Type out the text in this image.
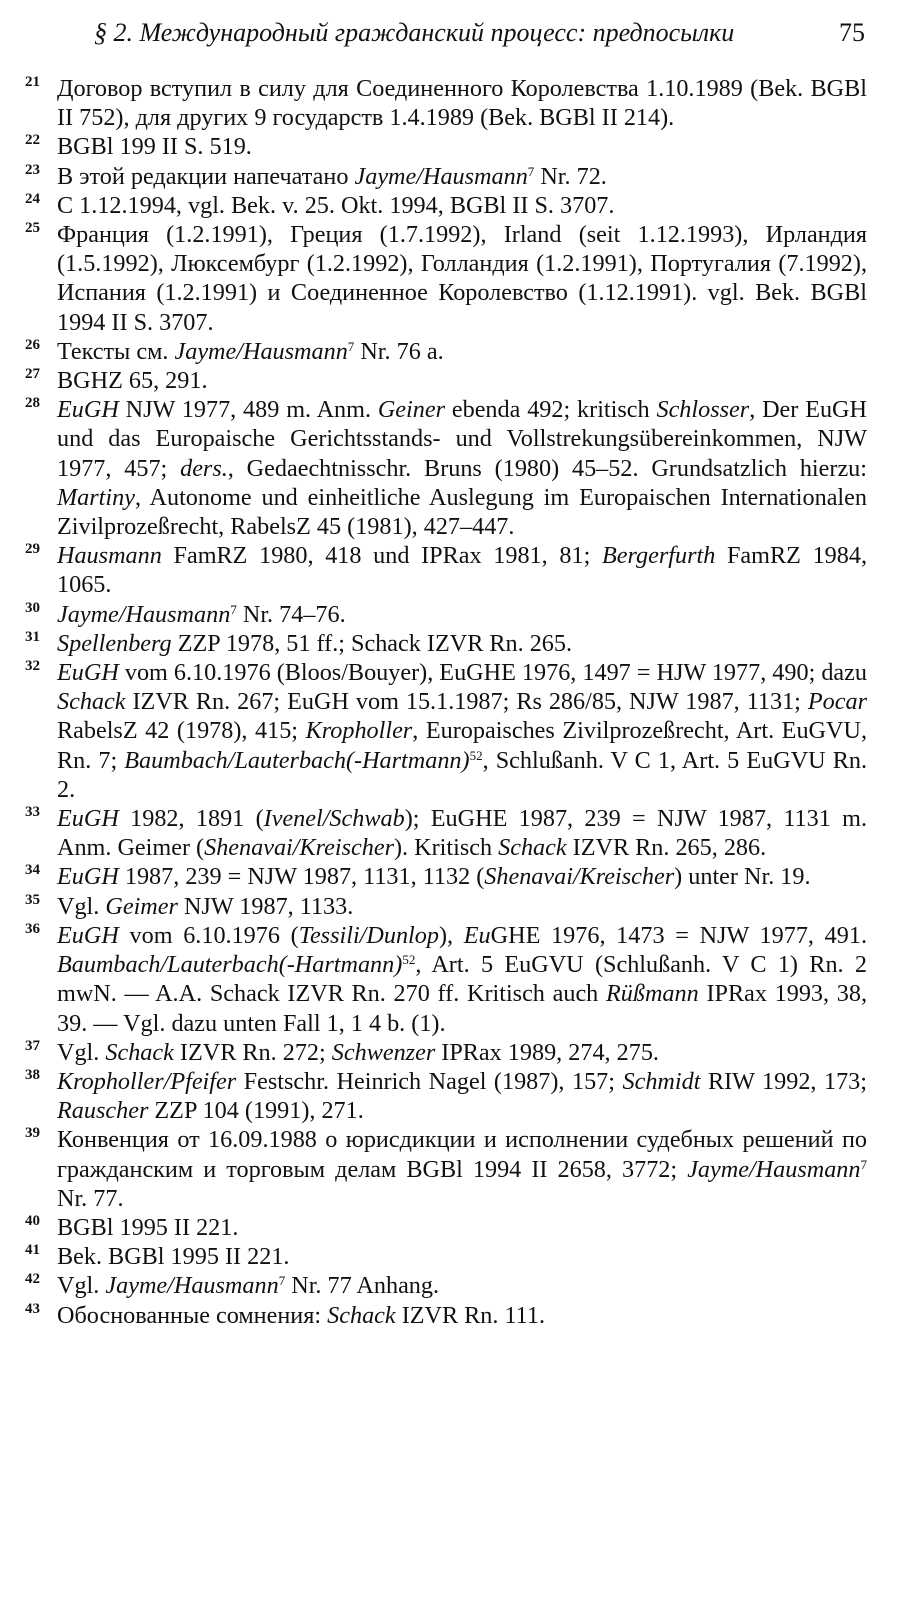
§ 2. Международный гражданский процесс: предпосылки	75
21 Договор вступил в силу для Соединенного Королевства 1.10.1989 (Bek. BGBl II 752), для других 9 государств 1.4.1989 (Bek. BGBl II 214).
22 BGBl 199 II S. 519.
23 В этой редакции напечатано Jayme/Hausmann$^7$ Nr. 72.
24 С 1.12.1994, vgl. Bek. v. 25. Okt. 1994, BGBl II S. 3707.
25 Франция (1.2.1991), Греция (1.7.1992), Irland (seit 1.12.1993), Ирландия (1.5.1992), Люксембург (1.2.1992), Голландия (1.2.1991), Португалия (7.1992), Испания (1.2.1991) и Соединенное Королевство (1.12.1991). vgl. Bek. BGBl 1994 II S. 3707.
26 Тексты см. Jayme/Hausmann$^7$ Nr. 76 a.
27 BGHZ 65, 291.
28 EuGH NJW 1977, 489 m. Anm. Geiner ebenda 492; kritisch Schlosser, Der EuGH und das Europaische Gerichtsstands- und Vollstrekungsübereinkommen, NJW 1977, 457; ders., Gedaechtnisschr. Bruns (1980) 45–52. Grundsatzlich hierzu: Martiny, Autonome und einheitliche Auslegung im Europaischen Internationalen Zivilprozeßrecht, RabelsZ 45 (1981), 427–447.
29 Hausmann FamRZ 1980, 418 und IPRax 1981, 81; Bergerfurth FamRZ 1984, 1065.
30 Jayme/Hausmann$^7$ Nr. 74–76.
31 Spellenberg ZZP 1978, 51 ff.; Schack IZVR Rn. 265.
32 EuGH vom 6.10.1976 (Bloos/Bouyer), EuGHE 1976, 1497 = HJW 1977, 490; dazu Schack IZVR Rn. 267; EuGH vom 15.1.1987; Rs 286/85, NJW 1987, 1131; Pocar RabelsZ 42 (1978), 415; Kropholler, Europaisches Zivilprozeßrecht, Art. EuGVU, Rn. 7; Baumbach/Lauterbach(-Hartmann)$^{52}$, Schlußanh. V C 1, Art. 5 EuGVU Rn. 2.
33 EuGH 1982, 1891 (Ivenel/Schwab); EuGHE 1987, 239 = NJW 1987, 1131 m. Anm. Geimer (Shenavai/Kreischer). Kritisch Schack IZVR Rn. 265, 286.
34 EuGH 1987, 239 = NJW 1987, 1131, 1132 (Shenavai/Kreischer) unter Nr. 19.
35 Vgl. Geimer NJW 1987, 1133.
36 EuGH vom 6.10.1976 (Tessili/Dunlop), EuGHE 1976, 1473 = NJW 1977, 491. Baumbach/Lauterbach(-Hartmann)$^{52}$, Art. 5 EuGVU (Schlußanh. V C 1) Rn. 2 mwN. — A.A. Schack IZVR Rn. 270 ff. Kritisch auch Rüßmann IPRax 1993, 38, 39. — Vgl. dazu unten Fall 1, 1 4 b. (1).
37 Vgl. Schack IZVR Rn. 272; Schwenzer IPRax 1989, 274, 275.
38 Kropholler/Pfeifer Festschr. Heinrich Nagel (1987), 157; Schmidt RIW 1992, 173; Rauscher ZZP 104 (1991), 271.
39 Конвенция от 16.09.1988 о юрисдикции и исполнении судебных решений по гражданским и торговым делам BGBl 1994 II 2658, 3772; Jayme/Hausmann$^7$ Nr. 77.
40 BGBl 1995 II 221.
41 Bek. BGBl 1995 II 221.
42 Vgl. Jayme/Hausmann$^7$ Nr. 77 Anhang.
43 Обоснованные сомнения: Schack IZVR Rn. 111.
